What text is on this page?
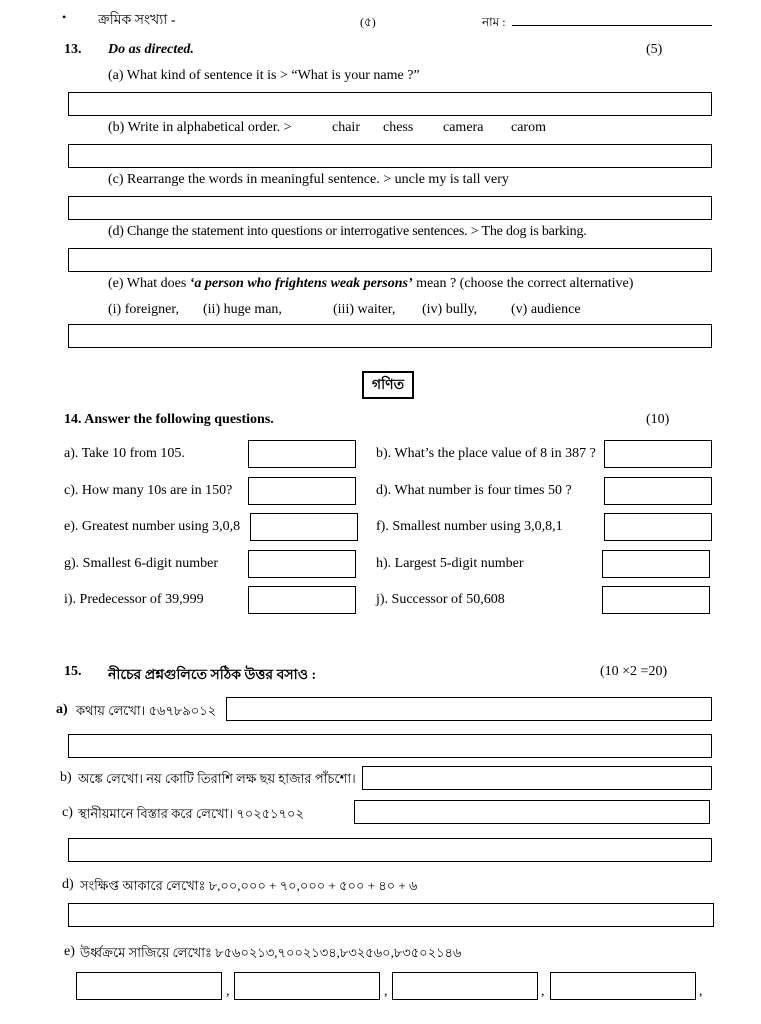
• ক্রমিক সংখ্যা -	(৫)	নাম :
13. Do as directed.	(5)
(a) What kind of sentence it is > “What is your name ?”
(b) Write in alphabetical order. >	chair chess camera carom
(c) Rearrange the words in meaningful sentence. > uncle my is tall very
(d) Change the statement into questions or interrogative sentences. > The dog is barking.
(e) What does ‘a person who frightens weak persons’ mean ? (choose the correct alternative)
(i) foreigner, (ii) huge man,	(iii) waiter, (iv) bully, (v) audience
গণিত
14. Answer the following questions.	(10)
a). Take 10 from 105.	b). What’s the place value of 8 in 387 ?
c). How many 10s are in 150?	d). What number is four times 50 ?
e). Greatest number using 3,0,8	f). Smallest number using 3,0,8,1
g). Smallest 6-digit number	h). Largest 5-digit number
i). Predecessor of 39,999	j). Successor of 50,608
15. নীচের প্রশ্নগুলিতে সঠিক উত্তর বসাও :	(10 ×2 =20)
a) কথায় লেখো। ৫৬৭৮৯০১২
b) অঙ্কে লেখো। নয় কোটি তিরাশি লক্ষ ছয় হাজার পাঁচশো।
c) স্থানীয়মানে বিস্তার করে লেখো। ৭০২৫১৭০২
d) সংক্ষিপ্ত আকারে লেখোঃ ৮,০০,০০০ + ৭০,০০০ + ৫০০ + ৪০ + ৬
e) উর্ধ্বক্রমে সাজিয়ে লেখোঃ ৮৫৬০২১৩,৭০০২১৩৪,৮৩২৫৬০,৮৩৫০২১৪৬
,	,	,	,
